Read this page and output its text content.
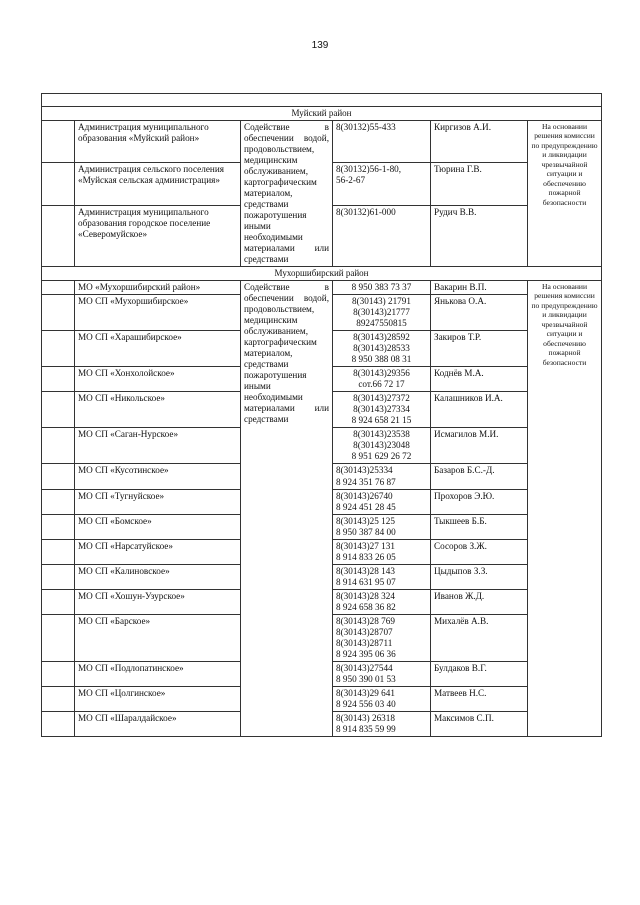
139

Муйский район					
	Администрация муниципального образования «Муйский район»	Содействие в обеспечении водой, продовольствием, медицинским обслуживанием, картографическим материалом, средствами пожаротушения иными необходимыми материалами или средствами	8(30132)55-433	Киргизов А.И.	На основании решения комиссии по предупреждению и ликвидации чрезвычайной ситуации и обеспечению пожарной безопасности
	Администрация сельского поселения «Муйская сельская администрация»		8(30132)56-1-80,
56-2-67	Тюрина Г.В.	
	Администрация муниципального образования городское поселение «Северомуйское»		8(30132)61-000	Рудич В.В.	
Мухоршибирский район					
	МО «Мухоршибирский район»	Содействие в обеспечении водой, продовольствием, медицинским обслуживанием, картографическим материалом, средствами пожаротушения иными необходимыми материалами или средствами	8 950 383 73 37	Вакарин В.П.	На основании решения комиссии по предупреждению и ликвидации чрезвычайной ситуации и обеспечению пожарной безопасности
	МО СП «Мухоршибирское»		8(30143) 21791
8(30143)21777
89247550815	Янькова О.А.	
	МО СП «Харашибирское»		8(30143)28592
8(30143)28533
8 950 388 08 31	Закиров Т.Р.	
	МО СП «Хонхолойское»		8(30143)29356
сот.66 72 17	Коднёв М.А.	
	МО СП «Никольское»		8(30143)27372
8(30143)27334
8 924 658 21 15	Калашников И.А.	
	МО СП «Саган-Нурское»		8(30143)23538
8(30143)23048
8 951 629 26 72	Исмагилов М.И.	
	МО СП «Кусотинское»		8(30143)25334
8 924 351 76 87	Базаров Б.С.-Д.	
	МО СП «Тугнуйское»		8(30143)26740
8 924 451 28 45	Прохоров Э.Ю.	
	МО СП «Бомское»		8(30143)25 125
8 950 387 84 00	Тыкшеев Б.Б.	
	МО СП «Нарсатуйское»		8(30143)27 131
8 914 833 26 05	Сосоров З.Ж.	
	МО СП «Калиновское»		8(30143)28 143
8 914 631 95 07	Цыдыпов З.З.	
	МО СП «Хошун-Узурское»		8(30143)28 324
8 924 658 36 82	Иванов Ж.Д.	
	МО СП «Барское»		8(30143)28 769
8(30143)28707
8(30143)28711
8 924 395 06 36	Михалёв А.В.	
	МО СП «Подлопатинское»		8(30143)27544
8 950 390 01 53	Булдаков В.Г.	
	МО СП «Цолгинское»		8(30143)29 641
8 924 556 03 40	Матвеев Н.С.	
	МО СП «Шаралдайское»		8(30143) 26318
8 914 835 59 99	Максимов С.П.	
